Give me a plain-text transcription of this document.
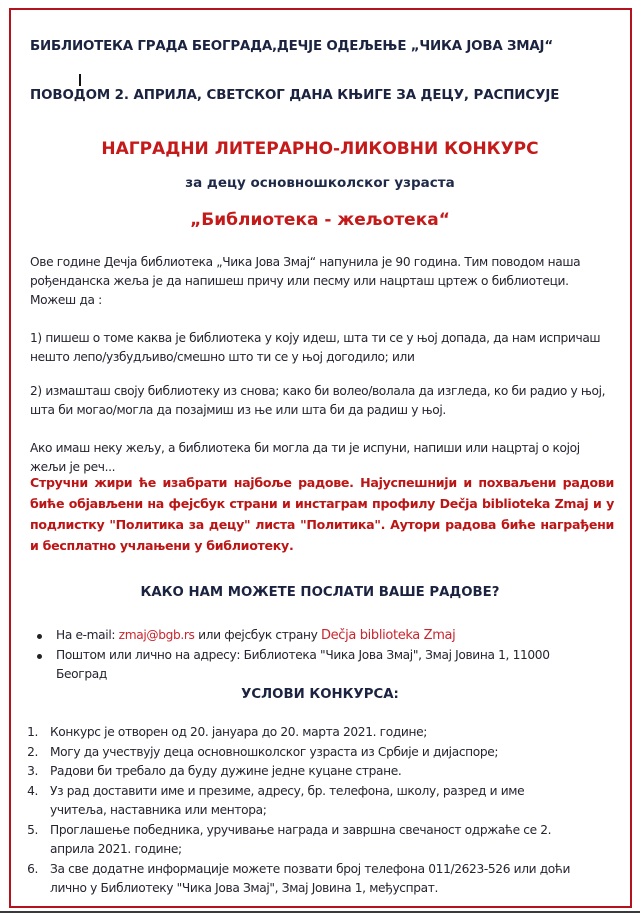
БИБЛИОТЕКА ГРАДА БЕОГРАДА,ДЕЧЈЕ ОДЕЉЕЊЕ „ЧИКА ЈОВА ЗМАЈ“
ПОВОДОМ 2. АПРИЛА, СВЕТСКОГ ДАНА КЊИГЕ ЗА ДЕЦУ, РАСПИСУЈЕ
НАГРАДНИ ЛИТЕРАРНО-ЛИКОВНИ КОНКУРС
за децу основношколског узраста
„Библиотека - жељотека“
Ове године Дечја библиотека „Чика Јова Змај“ напунила је 90 година. Тим поводом наша
рођенданска жеља је да напишеш причу или песму или нацрташ цртеж о библиотеци.
Можеш да :
1) пишеш о томе каква је библиотека у коју идеш, шта ти се у њој допада, да нам испричаш
нешто лепо/узбудљиво/смешно што ти се у њој догодило; или
2) измашташ своју библиотеку из снова; како би волео/волала да изгледа, ко би радио у њој,
шта би могао/могла да позајмиш из ње или шта би да радиш у њој.
Ако имаш неку жељу, а библиотека би могла да ти је испуни, напиши или нацртај о којој
жељи је реч...
Стручни жири ће изабрати најбоље радове. Најуспешнији и похваљени радови биће објављени на фејсбук страни и инстаграм профилу Dečja biblioteka Zmaj и у подлистку "Политика за децу" листа "Политика". Аутори радова биће награђени и бесплатно учлањени у библиотеку.
КАКО НАМ МОЖЕТЕ ПОСЛАТИ ВАШЕ РАДОВЕ?
На e-mail: zmaj@bgb.rs или фејсбук страну Dečja biblioteka Zmaj
Поштом или лично на адресу: Библиотека "Чика Јова Змај", Змај Јовина 1, 11000
Београд
УСЛОВИ КОНКУРСА:
1. Конкурс је отворен од 20. јануара до 20. марта 2021. године;
2. Могу да учествују деца основношколског узраста из Србије и дијаспоре;
3. Радови би требало да буду дужине једне куцане стране.
4. Уз рад доставити име и презиме, адресу, бр. телефона, школу, разред и име
учитеља, наставника или ментора;
5. Проглашење победника, уручивање награда и завршна свечаност одржаће се 2.
априла 2021. године;
6. За све додатне информације можете позвати број телефона 011/2623-526 или доћи
лично у Библиотеку "Чика Јова Змај", Змај Јовина 1, међуспрат.
